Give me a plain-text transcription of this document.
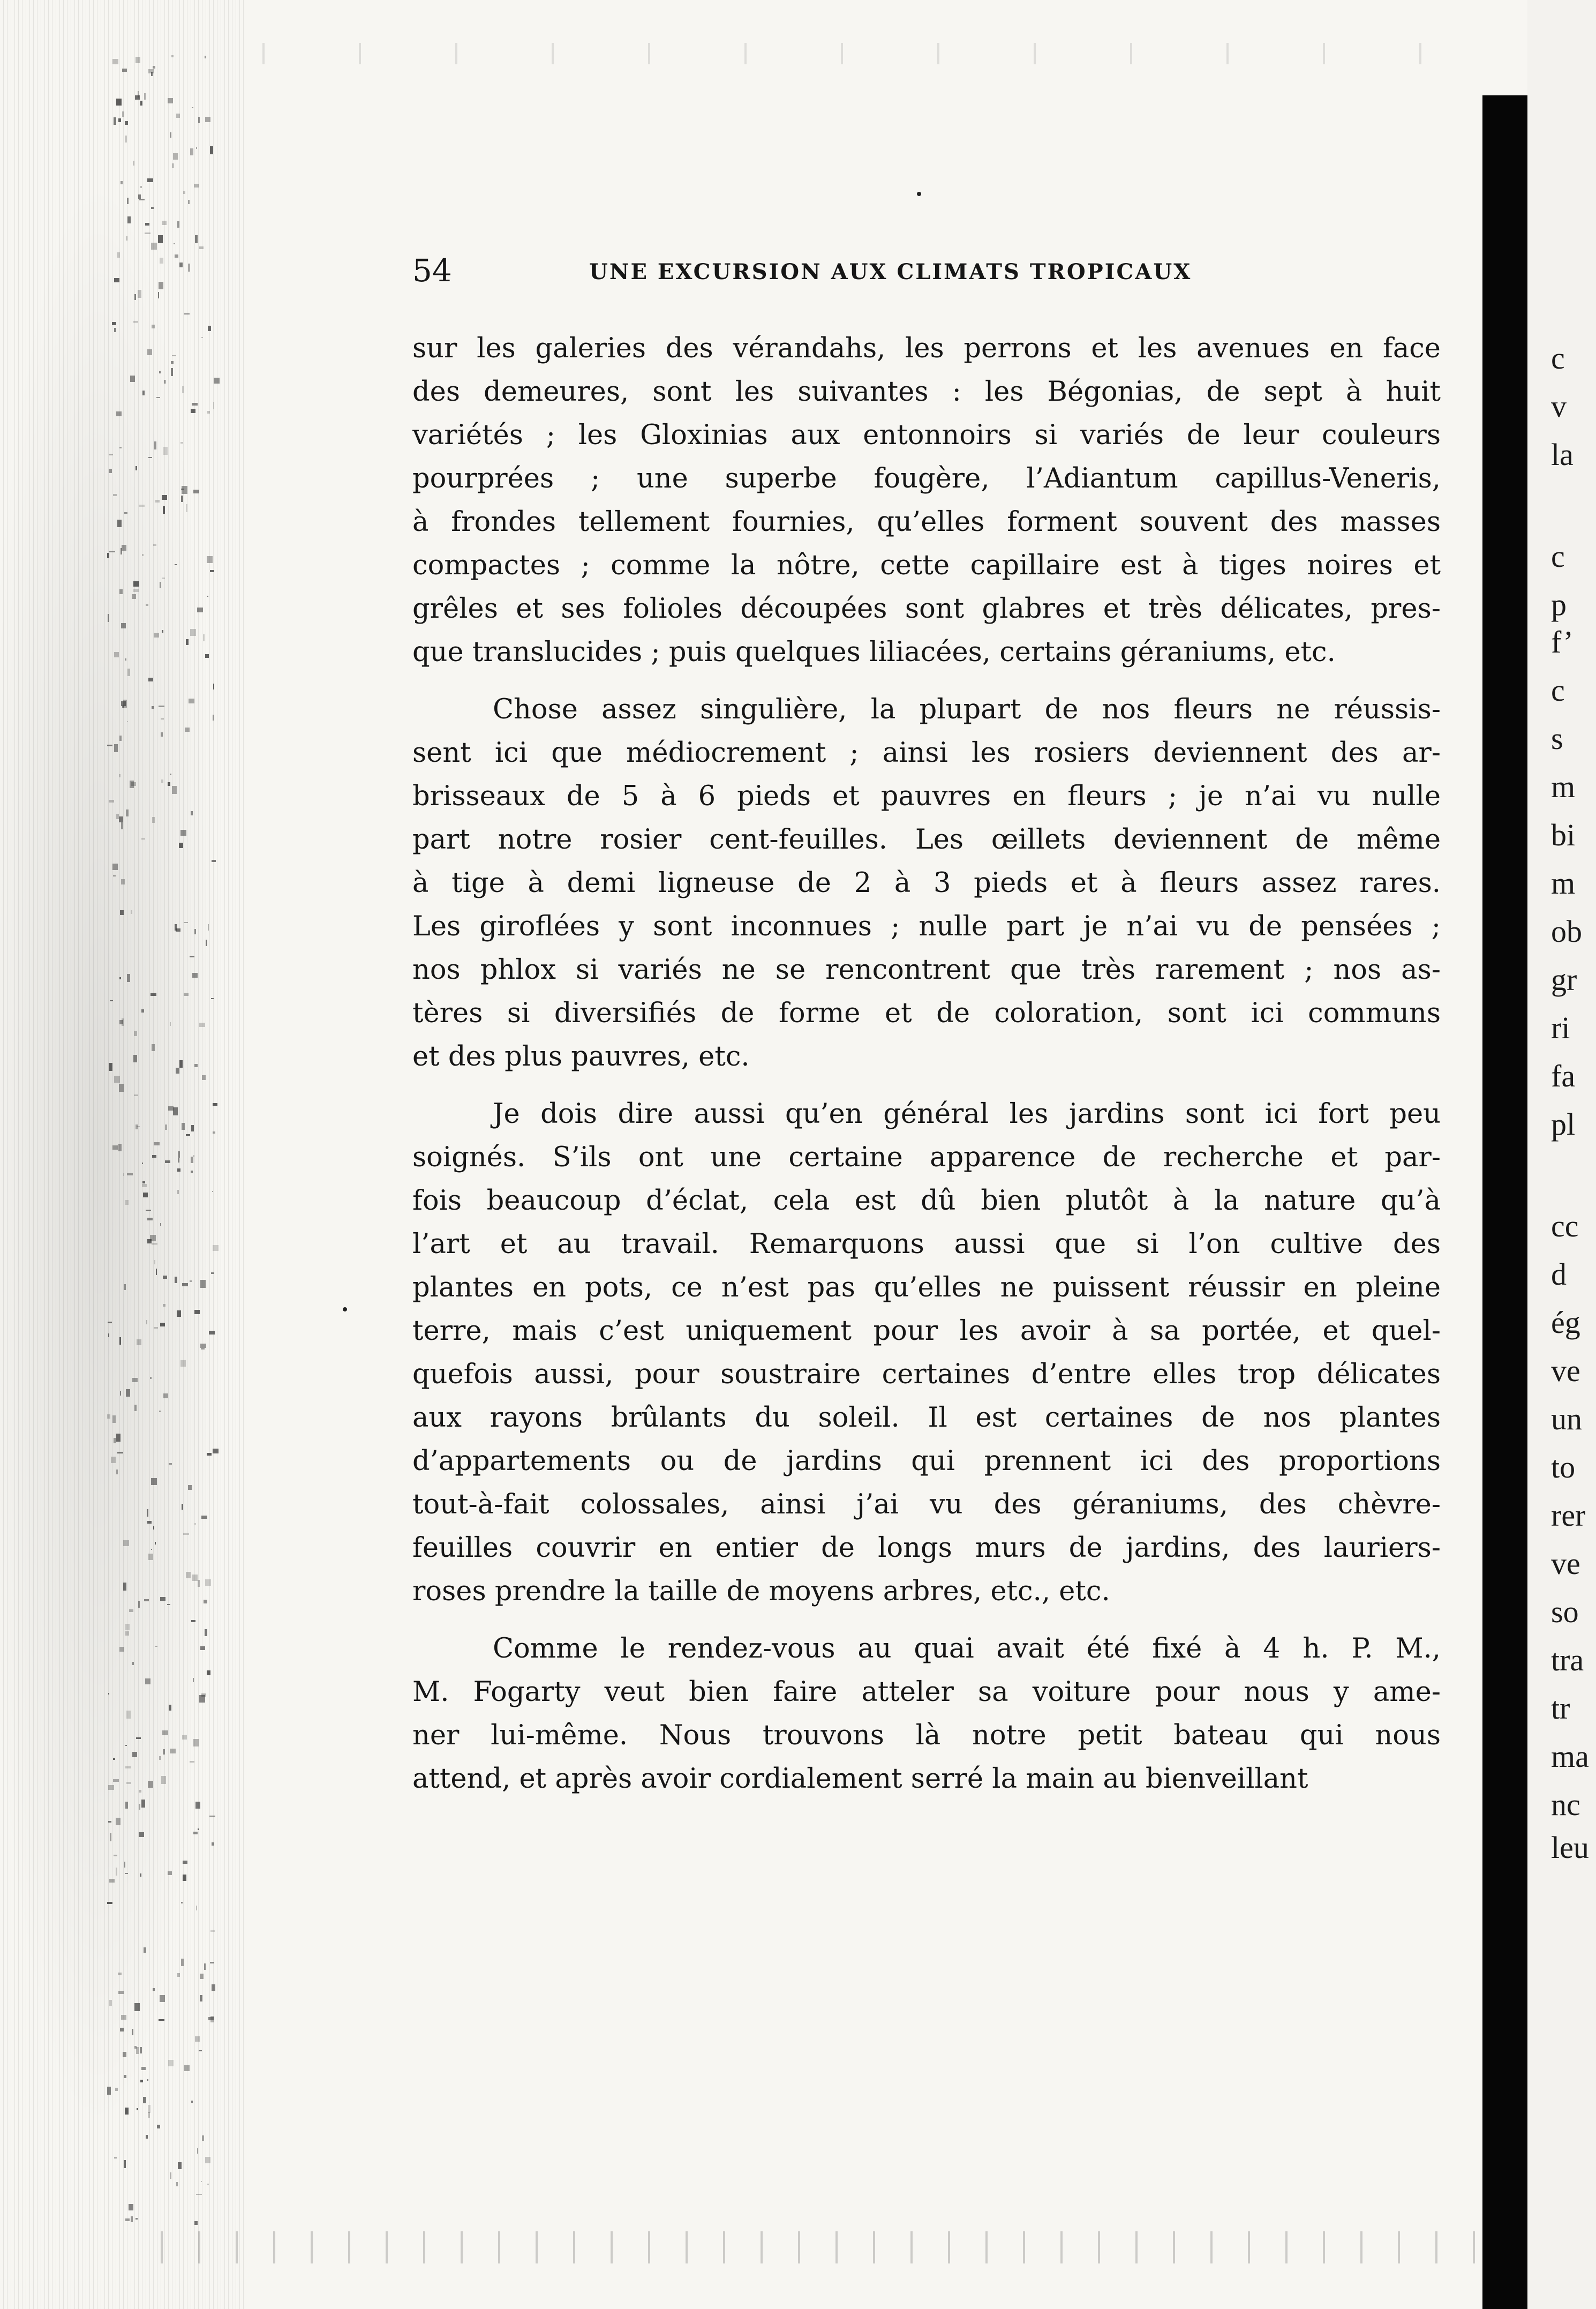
c
v
la
c
p
f’
c
s
m
bi
m
ob
gr
ri
fa
pl
cc
d
ég
ve
un
to
rer
ve
so
tra
tr
ma
nc
leu
54	UNE EXCURSION AUX CLIMATS TROPICAUX
sur les galeries des vérandahs, les perrons et les avenues en face
des demeures, sont les suivantes : les Bégonias, de sept à huit
variétés ; les Gloxinias aux entonnoirs si variés de leur couleurs
pourprées ; une superbe fougère, l’Adiantum capillus-Veneris,
à frondes tellement fournies, qu’elles forment souvent des masses
compactes ; comme la nôtre, cette capillaire est à tiges noires et
grêles et ses folioles découpées sont glabres et très délicates, pres-
que translucides ; puis quelques liliacées, certains géraniums, etc.
Chose assez singulière, la plupart de nos fleurs ne réussis-
sent ici que médiocrement ; ainsi les rosiers deviennent des ar-
brisseaux de 5 à 6 pieds et pauvres en fleurs ; je n’ai vu nulle
part notre rosier cent-feuilles. Les œillets deviennent de même
à tige à demi ligneuse de 2 à 3 pieds et à fleurs assez rares.
Les giroflées y sont inconnues ; nulle part je n’ai vu de pensées ;
nos phlox si variés ne se rencontrent que très rarement ; nos as-
tères si diversifiés de forme et de coloration, sont ici communs
et des plus pauvres, etc.
Je dois dire aussi qu’en général les jardins sont ici fort peu
soignés. S’ils ont une certaine apparence de recherche et par-
fois beaucoup d’éclat, cela est dû bien plutôt à la nature qu’à
l’art et au travail. Remarquons aussi que si l’on cultive des
plantes en pots, ce n’est pas qu’elles ne puissent réussir en pleine
terre, mais c’est uniquement pour les avoir à sa portée, et quel-
quefois aussi, pour soustraire certaines d’entre elles trop délicates
aux rayons brûlants du soleil. Il est certaines de nos plantes
d’appartements ou de jardins qui prennent ici des proportions
tout-à-fait colossales, ainsi j’ai vu des géraniums, des chèvre-
feuilles couvrir en entier de longs murs de jardins, des lauriers-
roses prendre la taille de moyens arbres, etc., etc.
Comme le rendez-vous au quai avait été fixé à 4 h. P. M.,
M. Fogarty veut bien faire atteler sa voiture pour nous y ame-
ner lui-même. Nous trouvons là notre petit bateau qui nous
attend, et après avoir cordialement serré la main au bienveillant
